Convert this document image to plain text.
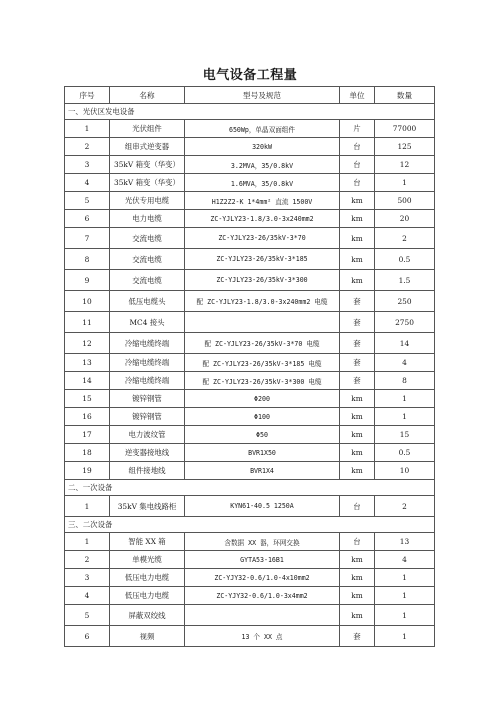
电气设备工程量
序号	名称	型号及规范	单位	数量
一、光伏区发电设备				
1	光伏组件	650Wp，单晶双面组件	片	77000
2	组串式逆变器	320kW	台	125
3	35kV 箱变（华变）	3.2MVA，35/0.8kV	台	12
4	35kV 箱变（华变）	1.6MVA，35/0.8kV	台	1
5	光伏专用电缆	H1Z2Z2-K 1*4mm² 直流 1500V	km	500
6	电力电缆	ZC-YJLY23-1.8/3.0-3x240mm2	km	20
7	交流电缆	ZC-YJLY23-26/35kV-3*70	km	2
8	交流电缆	ZC-YJLY23-26/35kV-3*185	km	0.5
9	交流电缆	ZC-YJLY23-26/35kV-3*300	km	1.5
10	低压电缆头	配 ZC-YJLY23-1.8/3.0-3x240mm2 电缆	套	250
11	MC4 接头		套	2750
12	冷缩电缆终端	配 ZC-YJLY23-26/35kV-3*70 电缆	套	14
13	冷缩电缆终端	配 ZC-YJLY23-26/35kV-3*185 电缆	套	4
14	冷缩电缆终端	配 ZC-YJLY23-26/35kV-3*300 电缆	套	8
15	镀锌钢管	Φ200	km	1
16	镀锌钢管	Φ100	km	1
17	电力波纹管	Φ50	km	15
18	逆变器接地线	BVR1X50	km	0.5
19	组件接地线	BVR1X4	km	10
二、一次设备				
1	35kV 集电线路柜	KYN61-40.5 1250A	台	2
三、二次设备				
1	智能 XX 箱	含数据 XX 器，环网交换	台	13
2	单模光缆	GYTA53-16B1	km	4
3	低压电力电缆	ZC-YJY32-0.6/1.0-4x10mm2	km	1
4	低压电力电缆	ZC-YJY32-0.6/1.0-3x4mm2	km	1
5	屏蔽双绞线		km	1
6	视频	13 个 XX 点	套	1
